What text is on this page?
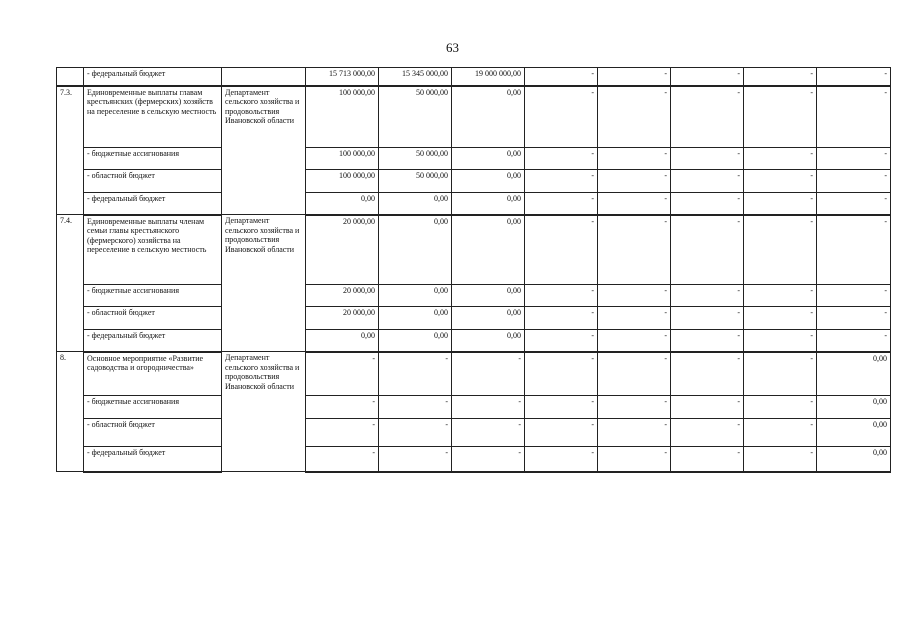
63
	- федеральный бюджет		15 713 000,00	15 345 000,00	19 000 000,00	-	-	-	-	-
7.3.	Единовременные выплаты главам крестьянских (фермерских) хозяйств на переселение в сельскую местность	Департамент сельского хозяйства и продовольствия Ивановской области	100 000,00	50 000,00	0,00	-	-	-	-	-
	- бюджетные ассигнования		100 000,00	50 000,00	0,00	-	-	-	-	-
	- областной бюджет		100 000,00	50 000,00	0,00	-	-	-	-	-
	- федеральный бюджет		0,00	0,00	0,00	-	-	-	-	-
7.4.	Единовременные выплаты членам семьи главы крестьянского (фермерского) хозяйства на переселение в сельскую местность	Департамент сельского хозяйства и продовольствия Ивановской области	20 000,00	0,00	0,00	-	-	-	-	-
	- бюджетные ассигнования		20 000,00	0,00	0,00	-	-	-	-	-
	- областной бюджет		20 000,00	0,00	0,00	-	-	-	-	-
	- федеральный бюджет		0,00	0,00	0,00	-	-	-	-	-
8.	Основное мероприятие «Развитие садоводства и огородничества»	Департамент сельского хозяйства и продовольствия Ивановской области	-	-	-	-	-	-	-	0,00
	- бюджетные ассигнования		-	-	-	-	-	-	-	0,00
	- областной бюджет		-	-	-	-	-	-	-	0,00
	- федеральный бюджет		-	-	-	-	-	-	-	0,00
